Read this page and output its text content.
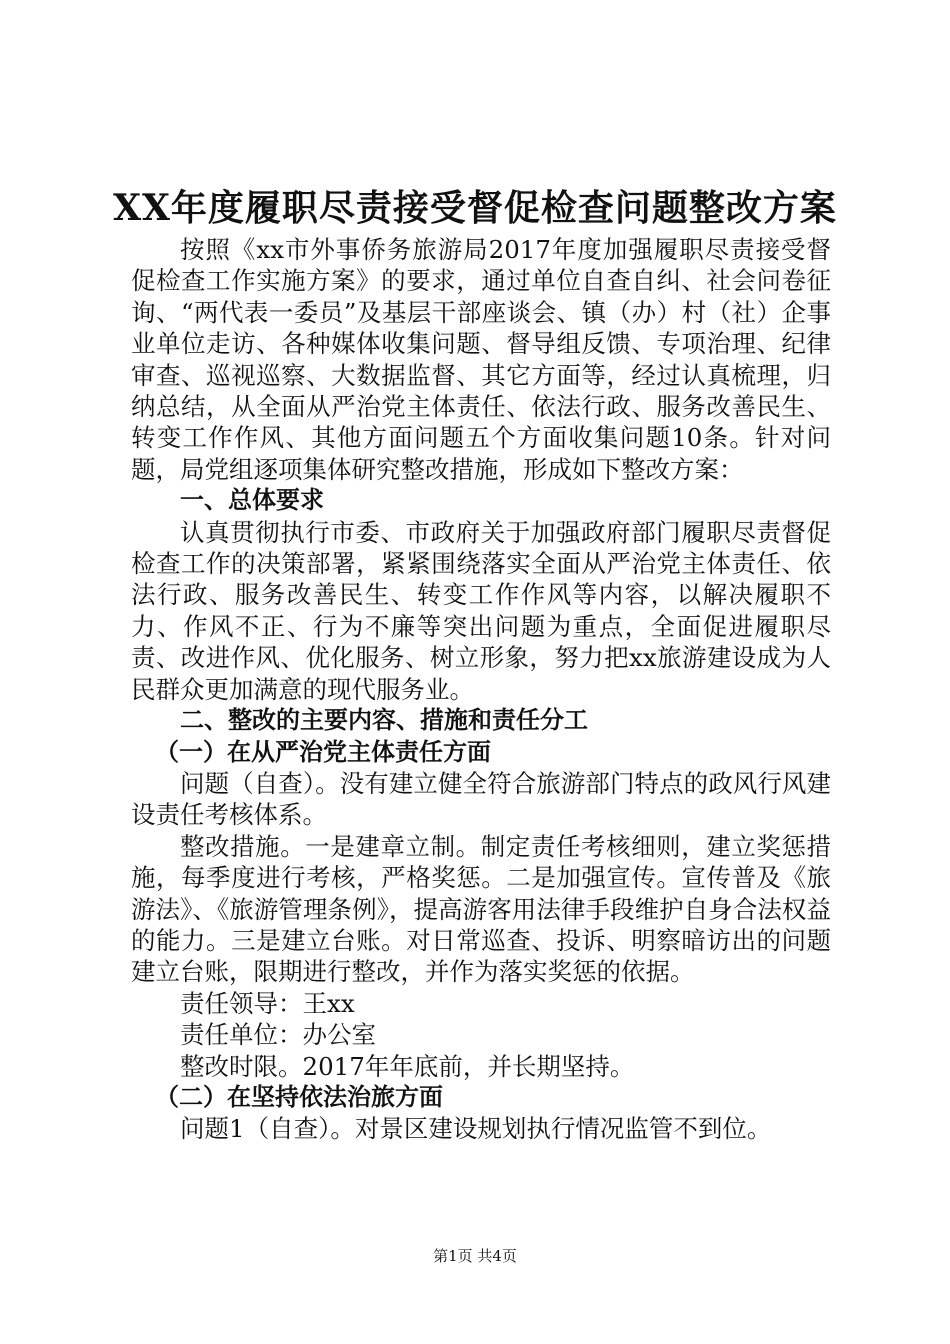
XX年度履职尽责接受督促检查问题整改方案

按照《xx市外事侨务旅游局2017年度加强履职尽责接受督促检查工作实施方案》的要求，通过单位自查自纠、社会问卷征询、“两代表一委员”及基层干部座谈会、镇（办）村（社）企事业单位走访、各种媒体收集问题、督导组反馈、专项治理、纪律审查、巡视巡察、大数据监督、其它方面等，经过认真梳理，归纳总结，从全面从严治党主体责任、依法行政、服务改善民生、转变工作作风、其他方面问题五个方面收集问题10条。针对问题，局党组逐项集体研究整改措施，形成如下整改方案：

一、总体要求

认真贯彻执行市委、市政府关于加强政府部门履职尽责督促检查工作的决策部署，紧紧围绕落实全面从严治党主体责任、依法行政、服务改善民生、转变工作作风等内容，以解决履职不力、作风不正、行为不廉等突出问题为重点，全面促进履职尽责、改进作风、优化服务、树立形象，努力把xx旅游建设成为人民群众更加满意的现代服务业。

二、整改的主要内容、措施和责任分工

（一）在从严治党主体责任方面

问题（自查）。没有建立健全符合旅游部门特点的政风行风建设责任考核体系。

整改措施。一是建章立制。制定责任考核细则，建立奖惩措施，每季度进行考核，严格奖惩。二是加强宣传。宣传普及《旅游法》、《旅游管理条例》，提高游客用法律手段维护自身合法权益的能力。三是建立台账。对日常巡查、投诉、明察暗访出的问题建立台账，限期进行整改，并作为落实奖惩的依据。

责任领导：王xx

责任单位：办公室

整改时限。2017年年底前，并长期坚持。

（二）在坚持依法治旅方面

问题1（自查）。对景区建设规划执行情况监管不到位。

第1页 共4页
